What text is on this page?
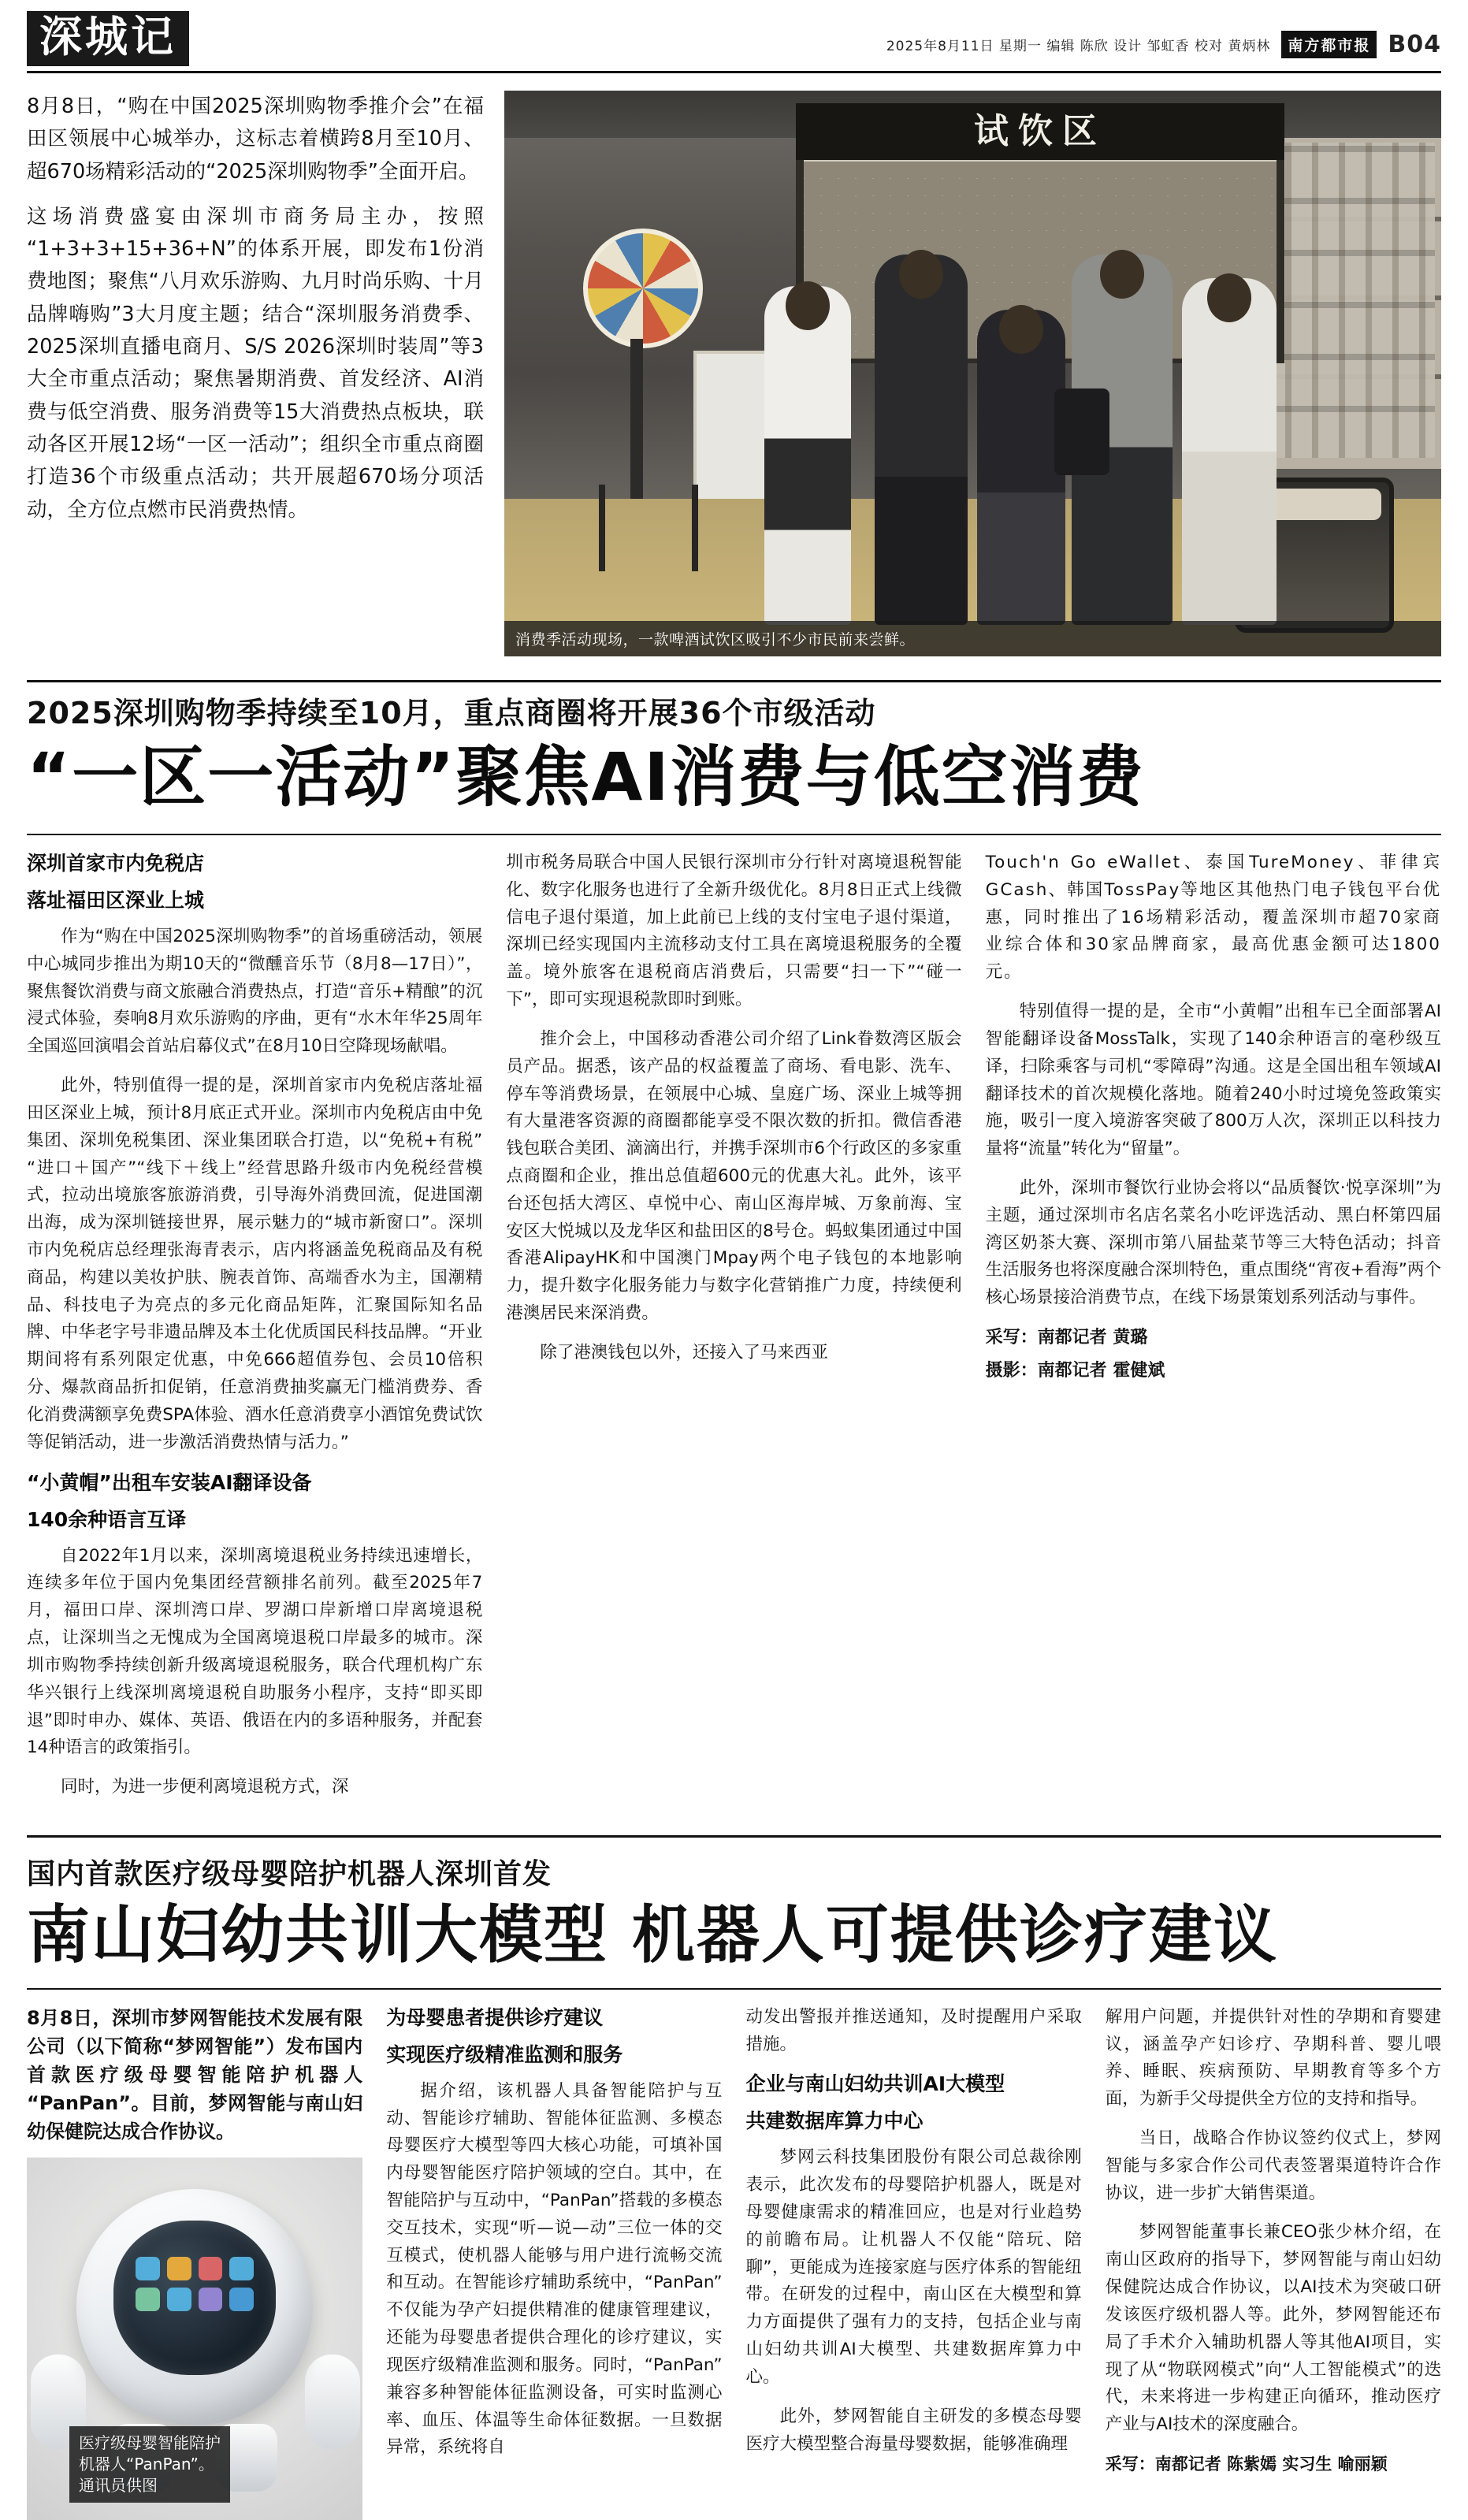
深城记	2025年8月11日 星期一 编辑 陈欣 设计 邹虹香 校对 黄炳林	南方都市报 B04

8月8日，“购在中国2025深圳购物季推介会”在福田区领展中心城举办，这标志着横跨8月至10月、超670场精彩活动的“2025深圳购物季”全面开启。

这场消费盛宴由深圳市商务局主办，按照“1+3+3+15+36+N”的体系开展，即发布1份消费地图；聚焦“八月欢乐游购、九月时尚乐购、十月品牌嗨购”3大月度主题；结合“深圳服务消费季、2025深圳直播电商月、S/S 2026深圳时装周”等3大全市重点活动；聚焦暑期消费、首发经济、AI消费与低空消费、服务消费等15大消费热点板块，联动各区开展12场“一区一活动”；组织全市重点商圈打造36个市级重点活动；共开展超670场分项活动，全方位点燃市民消费热情。

试饮区
消费季活动现场，一款啤酒试饮区吸引不少市民前来尝鲜。
2025深圳购物季持续至10月，重点商圈将开展36个市级活动
“一区一活动”聚焦AI消费与低空消费
深圳首家市内免税店
落址福田区深业上城

作为“购在中国2025深圳购物季”的首场重磅活动，领展中心城同步推出为期10天的“微醺音乐节（8月8—17日）”，聚焦餐饮消费与商文旅融合消费热点，打造“音乐+精酿”的沉浸式体验，奏响8月欢乐游购的序曲，更有“水木年华25周年全国巡回演唱会首站启幕仪式”在8月10日空降现场献唱。

此外，特别值得一提的是，深圳首家市内免税店落址福田区深业上城，预计8月底正式开业。深圳市内免税店由中免集团、深圳免税集团、深业集团联合打造，以“免税+有税”“进口＋国产”“线下＋线上”经营思路升级市内免税经营模式，拉动出境旅客旅游消费，引导海外消费回流，促进国潮出海，成为深圳链接世界，展示魅力的“城市新窗口”。深圳市内免税店总经理张海青表示，店内将涵盖免税商品及有税商品，构建以美妆护肤、腕表首饰、高端香水为主，国潮精品、科技电子为亮点的多元化商品矩阵，汇聚国际知名品牌、中华老字号非遗品牌及本土化优质国民科技品牌。“开业期间将有系列限定优惠，中免666超值券包、会员10倍积分、爆款商品折扣促销，任意消费抽奖赢无门槛消费券、香化消费满额享免费SPA体验、酒水任意消费享小酒馆免费试饮等促销活动，进一步激活消费热情与活力。”

“小黄帽”出租车安装AI翻译设备
140余种语言互译

自2022年1月以来，深圳离境退税业务持续迅速增长，连续多年位于国内免集团经营额排名前列。截至2025年7月，福田口岸、深圳湾口岸、罗湖口岸新增口岸离境退税点，让深圳当之无愧成为全国离境退税口岸最多的城市。深圳市购物季持续创新升级离境退税服务，联合代理机构广东华兴银行上线深圳离境退税自助服务小程序，支持“即买即退”即时申办、媒体、英语、俄语在内的多语种服务，并配套14种语言的政策指引。

同时，为进一步便利离境退税方式，深

圳市税务局联合中国人民银行深圳市分行针对离境退税智能化、数字化服务也进行了全新升级优化。8月8日正式上线微信电子退付渠道，加上此前已上线的支付宝电子退付渠道，深圳已经实现国内主流移动支付工具在离境退税服务的全覆盖。境外旅客在退税商店消费后，只需要“扫一下”“碰一下”，即可实现退税款即时到账。

推介会上，中国移动香港公司介绍了Link眷数湾区版会员产品。据悉，该产品的权益覆盖了商场、看电影、洗车、停车等消费场景，在领展中心城、皇庭广场、深业上城等拥有大量港客资源的商圈都能享受不限次数的折扣。微信香港钱包联合美团、滴滴出行，并携手深圳市6个行政区的多家重点商圈和企业，推出总值超600元的优惠大礼。此外，该平台还包括大湾区、卓悦中心、南山区海岸城、万象前海、宝安区大悦城以及龙华区和盐田区的8号仓。蚂蚁集团通过中国香港AlipayHK和中国澳门Mpay两个电子钱包的本地影响力，提升数字化服务能力与数字化营销推广力度，持续便利港澳居民来深消费。

除了港澳钱包以外，还接入了马来西亚

Touch'n Go eWallet、泰国TureMoney、菲律宾GCash、韩国TossPay等地区其他热门电子钱包平台优惠，同时推出了16场精彩活动，覆盖深圳市超70家商业综合体和30家品牌商家，最高优惠金额可达1800元。

特别值得一提的是，全市“小黄帽”出租车已全面部署AI智能翻译设备MossTalk，实现了140余种语言的毫秒级互译，扫除乘客与司机“零障碍”沟通。这是全国出租车领域AI翻译技术的首次规模化落地。随着240小时过境免签政策实施，吸引一度入境游客突破了800万人次，深圳正以科技力量将“流量”转化为“留量”。

此外，深圳市餐饮行业协会将以“品质餐饮·悦享深圳”为主题，通过深圳市名店名菜名小吃评选活动、黑白杯第四届湾区奶茶大赛、深圳市第八届盐菜节等三大特色活动；抖音生活服务也将深度融合深圳特色，重点围绕“宵夜+看海”两个核心场景接洽消费节点，在线下场景策划系列活动与事件。

采写：南都记者 黄璐
摄影：南都记者 霍健斌
国内首款医疗级母婴陪护机器人深圳首发
南山妇幼共训大模型 机器人可提供诊疗建议

8月8日，深圳市梦网智能技术发展有限公司（以下简称“梦网智能”）发布国内首款医疗级母婴智能陪护机器人“PanPan”。目前，梦网智能与南山妇幼保健院达成合作协议。

医疗级母婴智能陪护
机器人“PanPan”。
通讯员供图
为母婴患者提供诊疗建议
实现医疗级精准监测和服务

据介绍，该机器人具备智能陪护与互动、智能诊疗辅助、智能体征监测、多模态母婴医疗大模型等四大核心功能，可填补国内母婴智能医疗陪护领域的空白。其中，在智能陪护与互动中，“PanPan”搭载的多模态交互技术，实现“听—说—动”三位一体的交互模式，使机器人能够与用户进行流畅交流和互动。在智能诊疗辅助系统中，“PanPan”不仅能为孕产妇提供精准的健康管理建议，还能为母婴患者提供合理化的诊疗建议，实现医疗级精准监测和服务。同时，“PanPan”兼容多种智能体征监测设备，可实时监测心率、血压、体温等生命体征数据。一旦数据异常，系统将自

动发出警报并推送通知，及时提醒用户采取措施。

企业与南山妇幼共训AI大模型
共建数据库算力中心

梦网云科技集团股份有限公司总裁徐刚表示，此次发布的母婴陪护机器人，既是对母婴健康需求的精准回应，也是对行业趋势的前瞻布局。让机器人不仅能“陪玩、陪聊”，更能成为连接家庭与医疗体系的智能纽带。在研发的过程中，南山区在大模型和算力方面提供了强有力的支持，包括企业与南山妇幼共训AI大模型、共建数据库算力中心。

此外，梦网智能自主研发的多模态母婴医疗大模型整合海量母婴数据，能够准确理

解用户问题，并提供针对性的孕期和育婴建议，涵盖孕产妇诊疗、孕期科普、婴儿喂养、睡眠、疾病预防、早期教育等多个方面，为新手父母提供全方位的支持和指导。

当日，战略合作协议签约仪式上，梦网智能与多家合作公司代表签署渠道特许合作协议，进一步扩大销售渠道。

梦网智能董事长兼CEO张少林介绍，在南山区政府的指导下，梦网智能与南山妇幼保健院达成合作协议，以AI技术为突破口研发该医疗级机器人等。此外，梦网智能还布局了手术介入辅助机器人等其他AI项目，实现了从“物联网模式”向“人工智能模式”的迭代，未来将进一步构建正向循环，推动医疗产业与AI技术的深度融合。

采写：南都记者 陈紫嫣 实习生 喻丽颖
